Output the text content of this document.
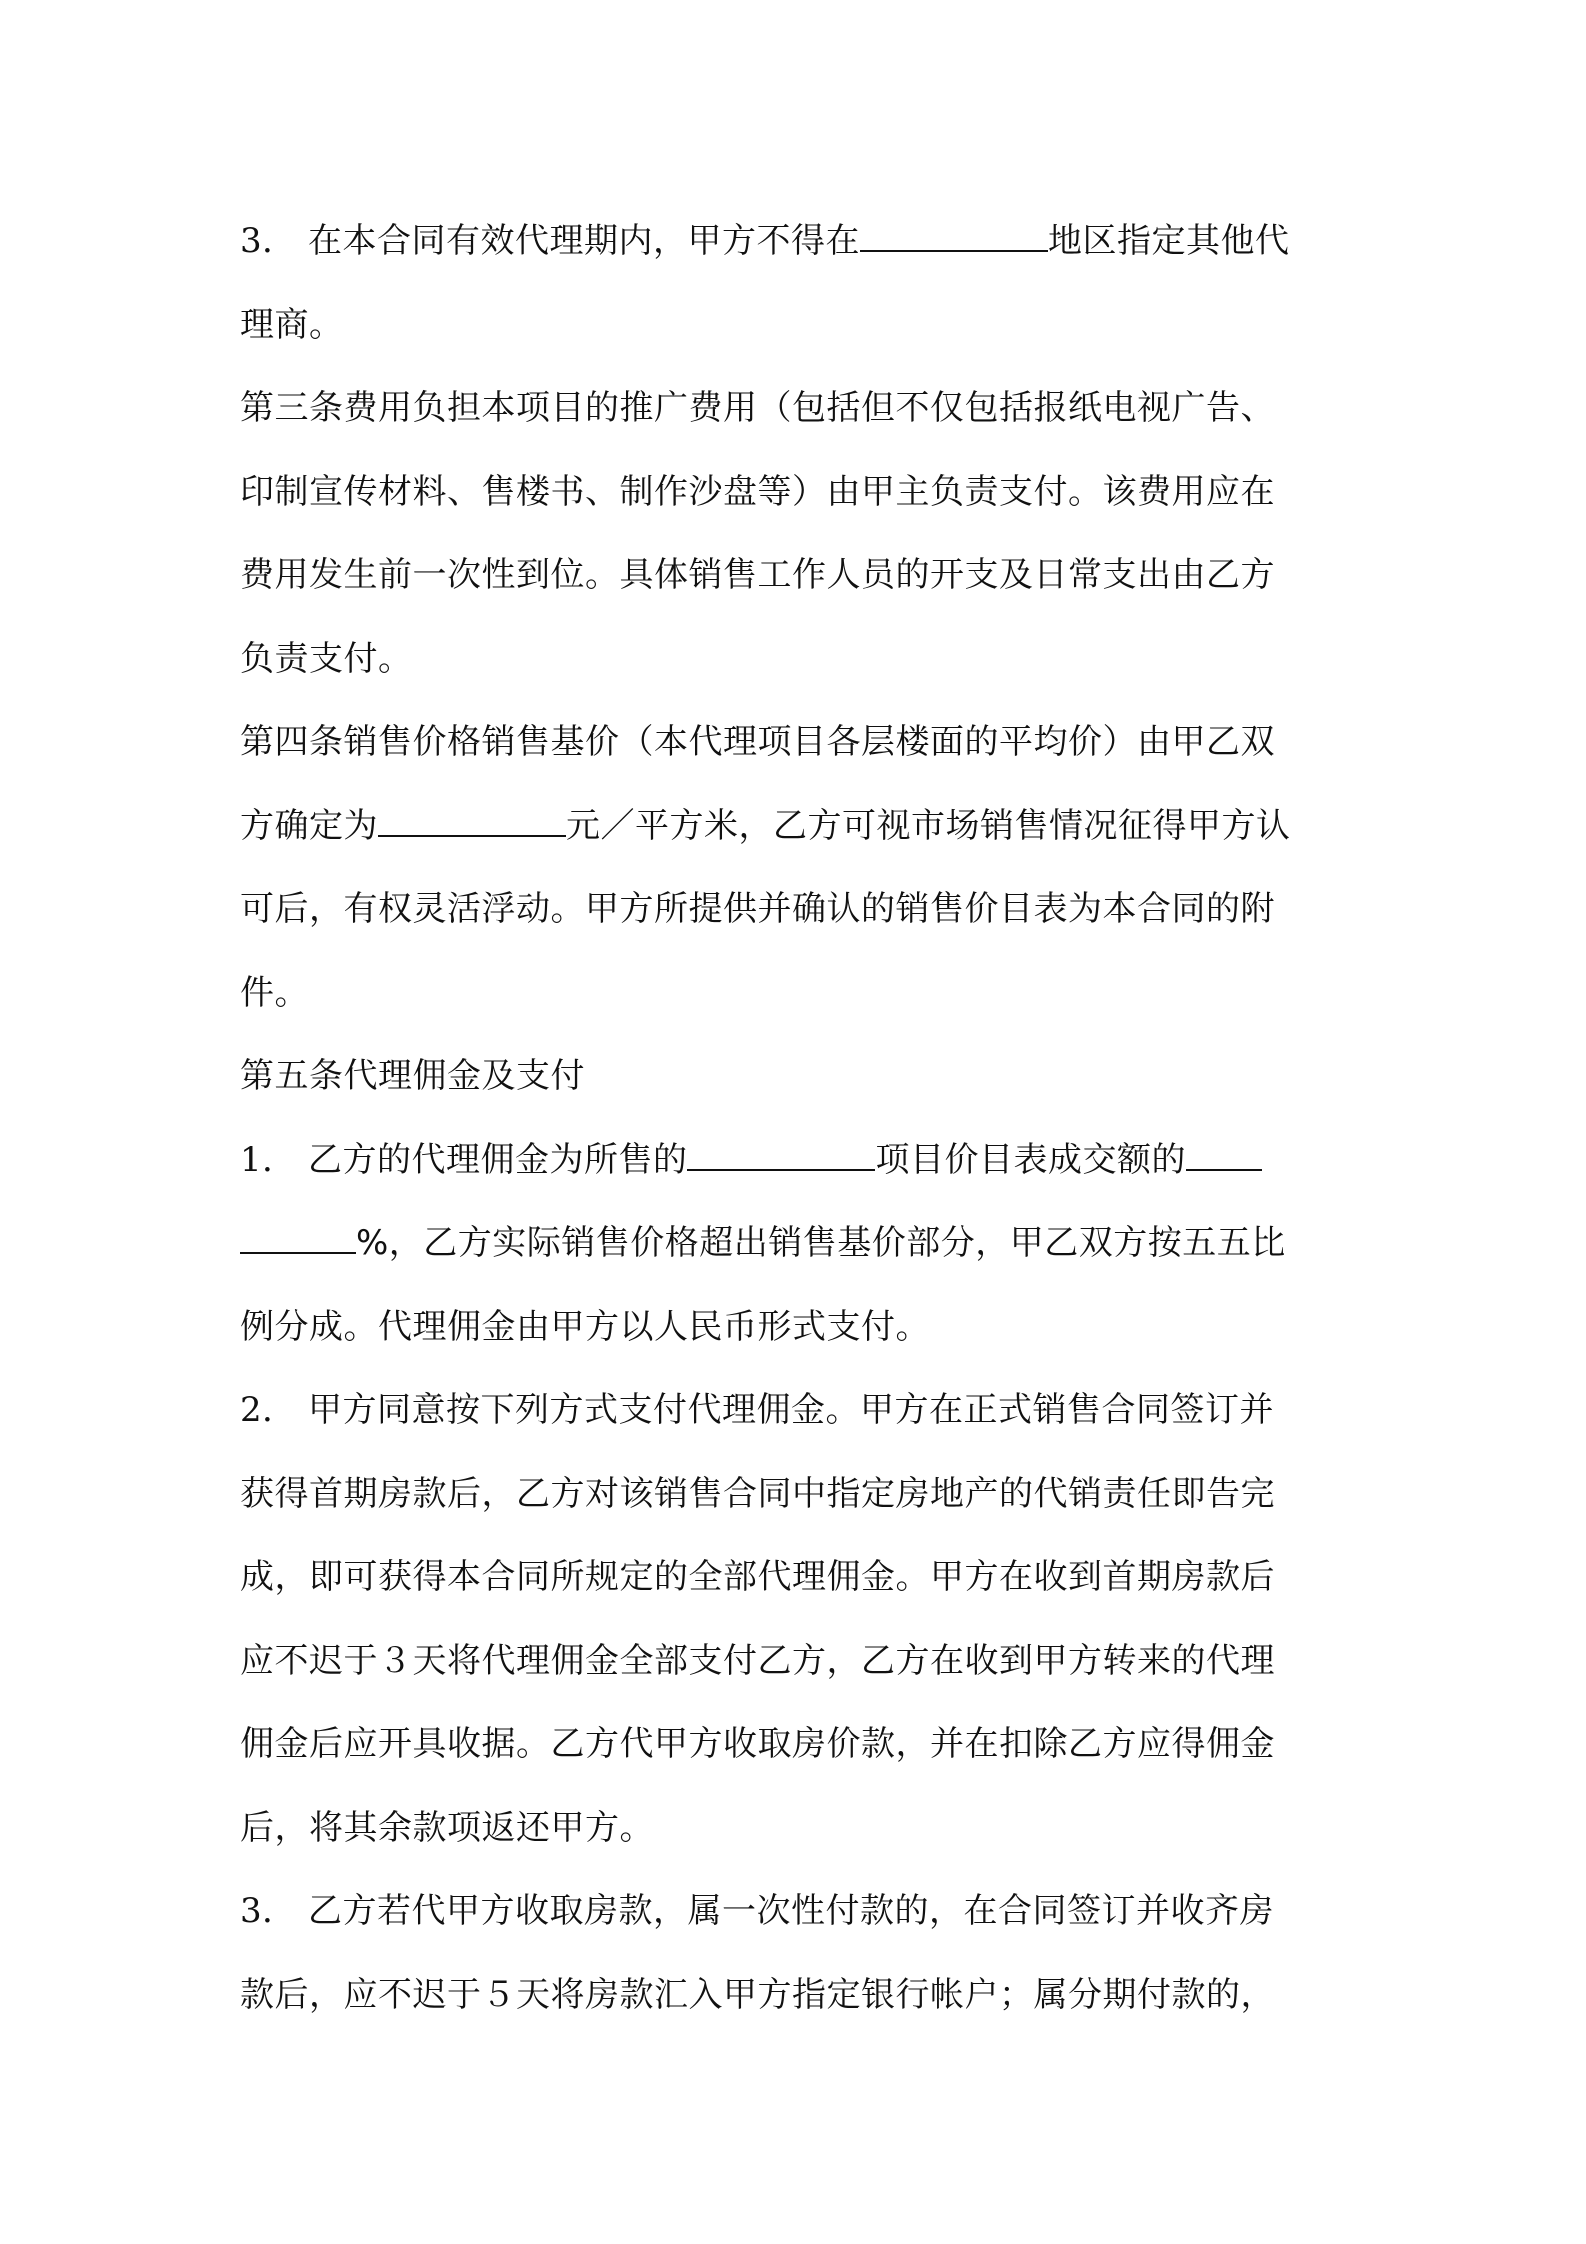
3． 在本合同有效代理期内，甲方不得在	地区指定其他代
理商。
第三条费用负担本项目的推广费用（包括但不仅包括报纸电视广告、
印制宣传材料、售楼书、制作沙盘等）由甲主负责支付。该费用应在
费用发生前一次性到位。具体销售工作人员的开支及日常支出由乙方
负责支付。
第四条销售价格销售基价（本代理项目各层楼面的平均价）由甲乙双
方确定为	元／平方米，乙方可视市场销售情况征得甲方认
可后，有权灵活浮动。甲方所提供并确认的销售价目表为本合同的附
件。
第五条代理佣金及支付
1． 乙方的代理佣金为所售的	项目价目表成交额的
%，乙方实际销售价格超出销售基价部分，甲乙双方按五五比
例分成。代理佣金由甲方以人民币形式支付。
2． 甲方同意按下列方式支付代理佣金。甲方在正式销售合同签订并
获得首期房款后，乙方对该销售合同中指定房地产的代销责任即告完
成，即可获得本合同所规定的全部代理佣金。甲方在收到首期房款后
应不迟于３天将代理佣金全部支付乙方，乙方在收到甲方转来的代理
佣金后应开具收据。乙方代甲方收取房价款，并在扣除乙方应得佣金
后，将其余款项返还甲方。
3． 乙方若代甲方收取房款，属一次性付款的，在合同签订并收齐房
款后，应不迟于５天将房款汇入甲方指定银行帐户；属分期付款的，
